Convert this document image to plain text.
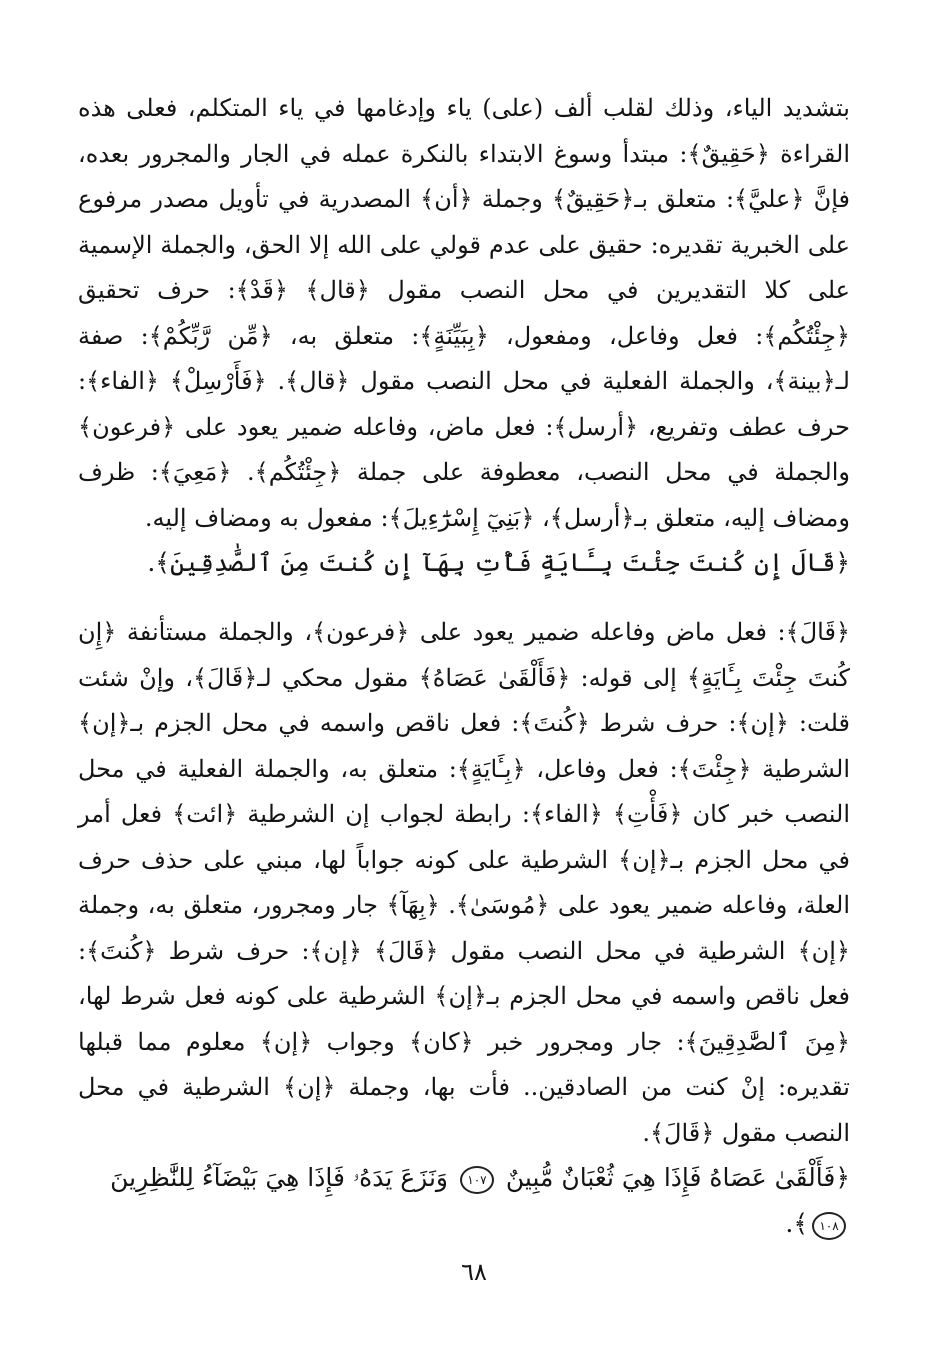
بتشديد الياء، وذلك لقلب ألف (على) ياء وإدغامها في ياء المتكلم، فعلى هذه القراءة ﴿حَقِيقٌ﴾: مبتدأ وسوغ الابتداء بالنكرة عمله في الجار والمجرور بعده، فإنَّ ﴿عليَّ﴾: متعلق بـ﴿حَقِيقٌ﴾ وجملة ﴿أن﴾ المصدرية في تأويل مصدر مرفوع على الخبرية تقديره: حقيق على عدم قولي على الله إلا الحق، والجملة الإسمية على كلا التقديرين في محل النصب مقول ﴿قال﴾ ﴿قَدْ﴾: حرف تحقيق ﴿جِئْتُكُم﴾: فعل وفاعل، ومفعول، ﴿بِبَيِّنَةٍ﴾: متعلق به، ﴿مِّن رَّبِّكُمْ﴾: صفة لـ﴿بينة﴾، والجملة الفعلية في محل النصب مقول ﴿قال﴾. ﴿فَأَرْسِلْ﴾ ﴿الفاء﴾: حرف عطف وتفريع، ﴿أرسل﴾: فعل ماض، وفاعله ضمير يعود على ﴿فرعون﴾ والجملة في محل النصب، معطوفة على جملة ﴿جِئْتُكُم﴾. ﴿مَعِيَ﴾: ظرف ومضاف إليه، متعلق بـ﴿أرسل﴾، ﴿بَنِيٓ إِسْرَٰٓءِيلَ﴾: مفعول به ومضاف إليه.

﴿قَالَ إِن كُنتَ جِئْتَ بِـَٔايَةٍ فَأْتِ بِهَآ إِن كُنتَ مِنَ ٱلصَّٰدِقِينَ﴾.

﴿قَالَ﴾: فعل ماض وفاعله ضمير يعود على ﴿فرعون﴾، والجملة مستأنفة ﴿إِن كُنتَ جِئْتَ بِـَٔايَةٍ﴾ إلى قوله: ﴿فَأَلْقَىٰ عَصَاهُ﴾ مقول محكي لـ﴿قَالَ﴾، وإنْ شئت قلت: ﴿إن﴾: حرف شرط ﴿كُنتَ﴾: فعل ناقص واسمه في محل الجزم بـ﴿إن﴾ الشرطية ﴿جِئْتَ﴾: فعل وفاعل، ﴿بِـَٔايَةٍ﴾: متعلق به، والجملة الفعلية في محل النصب خبر كان ﴿فَأْتِ﴾ ﴿الفاء﴾: رابطة لجواب إن الشرطية ﴿ائت﴾ فعل أمر في محل الجزم بـ﴿إن﴾ الشرطية على كونه جواباً لها، مبني على حذف حرف العلة، وفاعله ضمير يعود على ﴿مُوسَىٰ﴾. ﴿بِهَآ﴾ جار ومجرور، متعلق به، وجملة ﴿إن﴾ الشرطية في محل النصب مقول ﴿قَالَ﴾ ﴿إن﴾: حرف شرط ﴿كُنتَ﴾: فعل ناقص واسمه في محل الجزم بـ﴿إن﴾ الشرطية على كونه فعل شرط لها، ﴿مِنَ ٱلصَّٰدِقِينَ﴾: جار ومجرور خبر ﴿كان﴾ وجواب ﴿إن﴾ معلوم مما قبلها تقديره: إنْ كنت من الصادقين.. فأت بها، وجملة ﴿إن﴾ الشرطية في محل النصب مقول ﴿قَالَ﴾.

﴿فَأَلْقَىٰ عَصَاهُ فَإِذَا هِيَ ثُعْبَانٌ مُّبِينٌ ١٠٧ وَنَزَعَ يَدَهُۥ فَإِذَا هِيَ بَيْضَآءُ لِلنَّٰظِرِينَ ١٠٨﴾.

٦٨
